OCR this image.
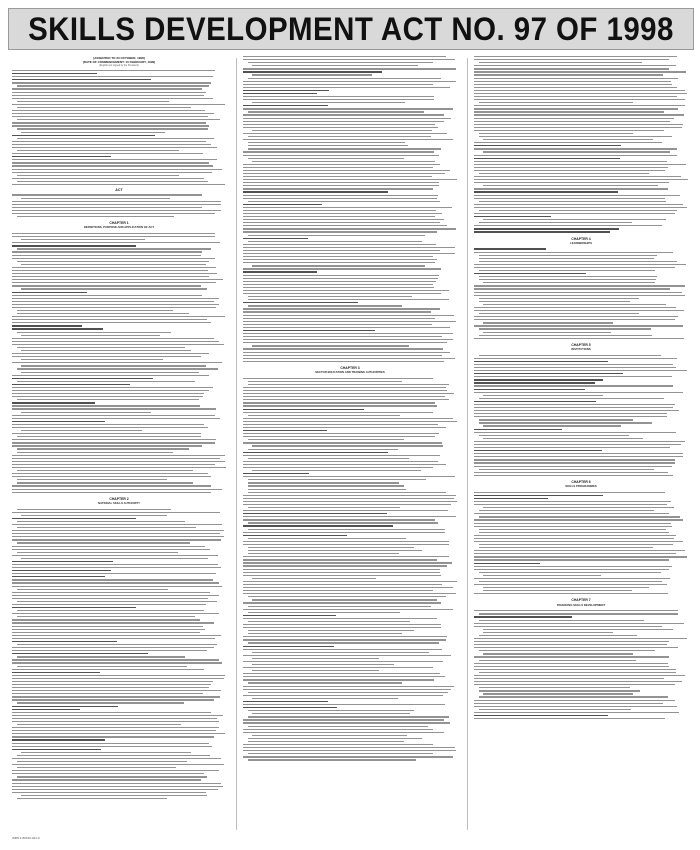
SKILLS DEVELOPMENT ACT NO. 97 OF 1998
[ASSENTED TO 20 OCTOBER, 1998]
[DATE OF COMMENCEMENT: 10 FEBRUARY, 1999]
(English text signed by the President)
ACT
CHAPTER 1
DEFINITIONS, PURPOSE AND APPLICATION OF ACT
CHAPTER 2
NATIONAL SKILLS AUTHORITY
CHAPTER 3
SECTOR EDUCATION AND TRAINING AUTHORITIES
CHAPTER 4
LEARNERSHIPS
CHAPTER 5
INSTITUTIONS
CHAPTER 6
SKILLS PROGRAMMES
CHAPTER 7
FINANCING SKILLS DEVELOPMENT
ISBN 1-86919-034-9
